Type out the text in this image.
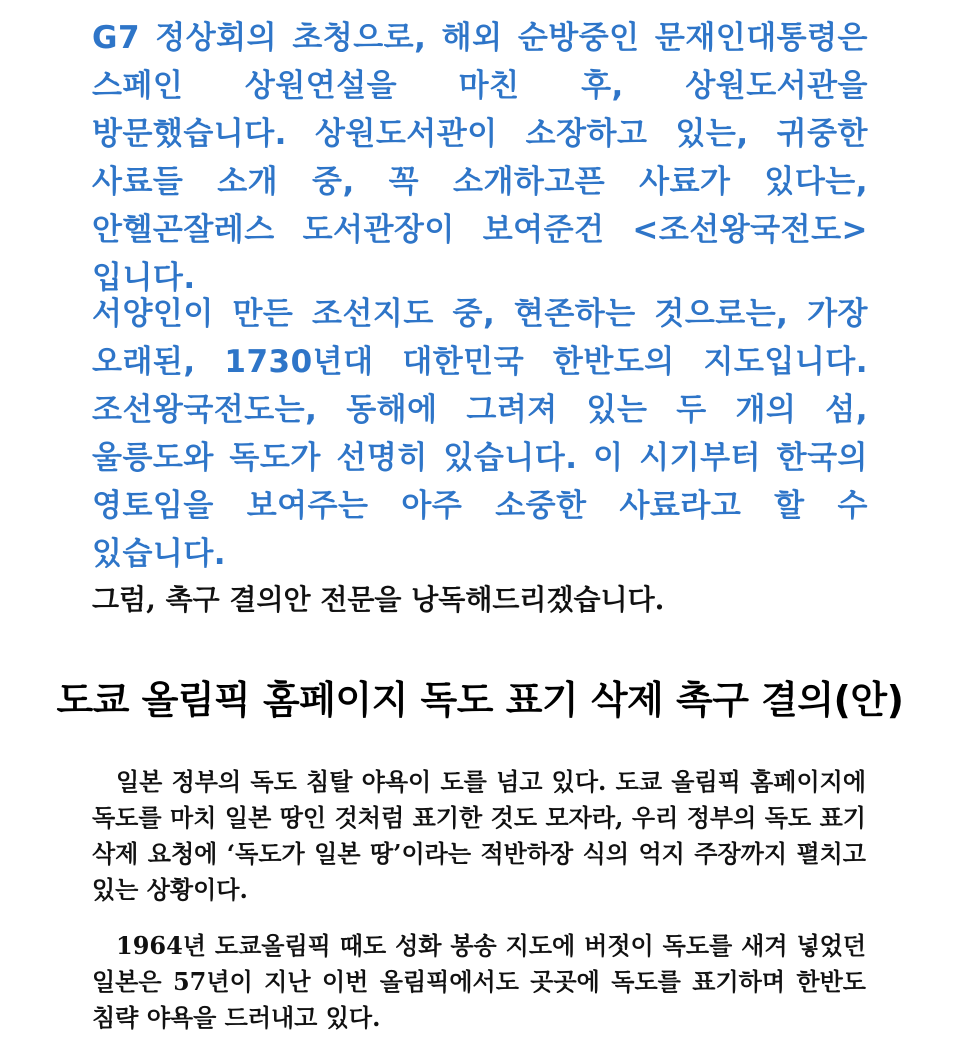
G7 정상회의 초청으로, 해외 순방중인 문재인대통령은 스페인 상원연설을 마친 후, 상원도서관을 방문했습니다. 상원도서관이 소장하고 있는, 귀중한 사료들 소개 중, 꼭 소개하고픈 사료가 있다는, 안헬곤잘레스 도서관장이 보여준건 <조선왕국전도>입니다.

서양인이 만든 조선지도 중, 현존하는 것으로는, 가장 오래된, 1730년대 대한민국 한반도의 지도입니다. 조선왕국전도는, 동해에 그려져 있는 두 개의 섬, 울릉도와 독도가 선명히 있습니다. 이 시기부터 한국의 영토임을 보여주는 아주 소중한 사료라고 할 수 있습니다.

그럼, 촉구 결의안 전문을 낭독해드리겠습니다.

도쿄 올림픽 홈페이지 독도 표기 삭제 촉구 결의(안)

일본 정부의 독도 침탈 야욕이 도를 넘고 있다. 도쿄 올림픽 홈페이지에 독도를 마치 일본 땅인 것처럼 표기한 것도 모자라, 우리 정부의 독도 표기 삭제 요청에 ‘독도가 일본 땅’이라는 적반하장 식의 억지 주장까지 펼치고 있는 상황이다.

1964년 도쿄올림픽 때도 성화 봉송 지도에 버젓이 독도를 새겨 넣었던 일본은 57년이 지난 이번 올림픽에서도 곳곳에 독도를 표기하며 한반도 침략 야욕을 드러내고 있다.
